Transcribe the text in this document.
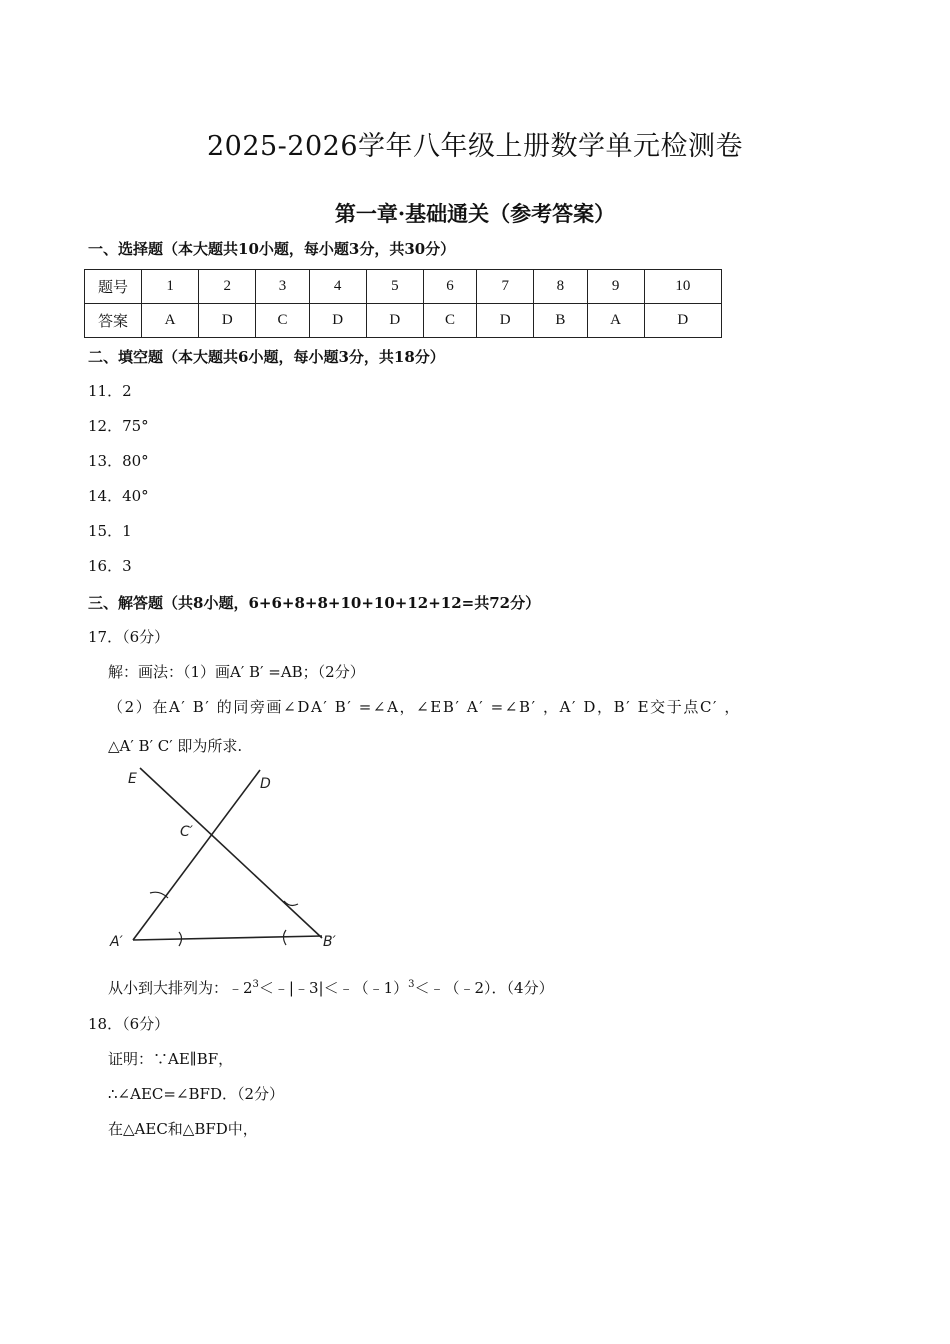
2025-2026学年八年级上册数学单元检测卷
第一章·基础通关（参考答案）
一、选择题（本大题共10小题，每小题3分，共30分）
题号	1	2	3	4	5	6	7	8	9	10
答案	A	D	C	D	D	C	D	B	A	D
二、填空题（本大题共6小题，每小题3分，共18分）
11．2
12．75°
13．80°
14．40°
15．1
16．3
三、解答题（共8小题，6+6+8+8+10+10+12+12=共72分）
17．（6分）
解：画法：（1）画A′ B′ =AB；（2分）
（2）在A′ B′ 的同旁画∠DA′ B′ =∠A，∠EB′ A′ =∠B′ ，A′ D，B′ E交于点C′ ，
△A′ B′ C′ 即为所求.
E	D
C′
A′	B′
从小到大排列为：$﹣2^3<﹣|﹣3|<﹣(﹣1)^3<﹣(﹣2)$．（4分）
18．（6分）
证明：∵AE∥BF，
∴∠AEC=∠BFD．（2分）
在△AEC和△BFD中，
